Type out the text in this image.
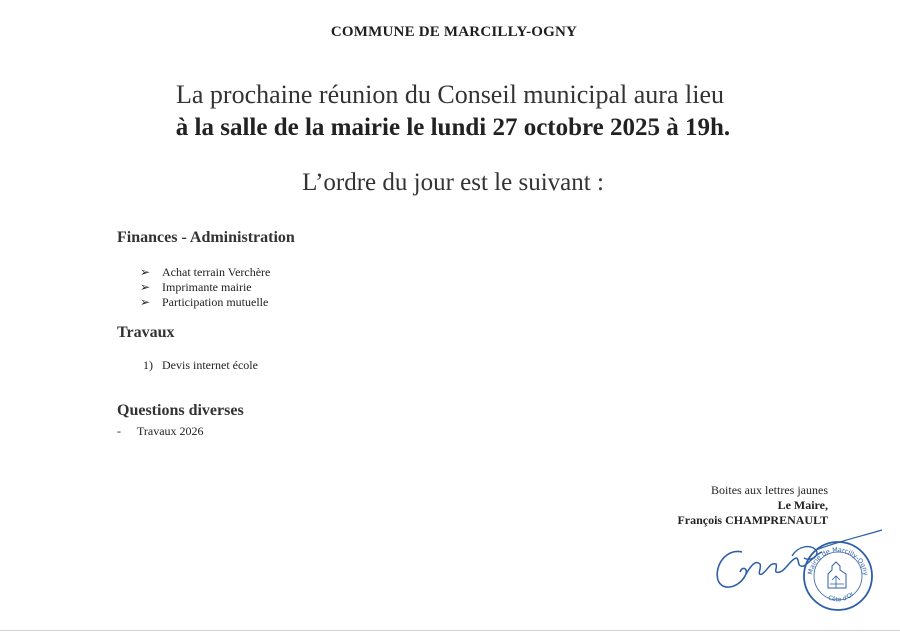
COMMUNE DE MARCILLY-OGNY
La prochaine réunion du Conseil municipal aura lieu
à la salle de la mairie le lundi 27 octobre 2025 à 19h.
L’ordre du jour est le suivant :
Finances - Administration
➢ Achat terrain Verchère
➢ Imprimante mairie
➢ Participation mutuelle
Travaux
1) Devis internet école
Questions diverses
- Travaux 2026
Boites aux lettres jaunes
Le Maire,
François CHAMPRENAULT
Mairie de Marcilly-Ogny
Côte d'Or
